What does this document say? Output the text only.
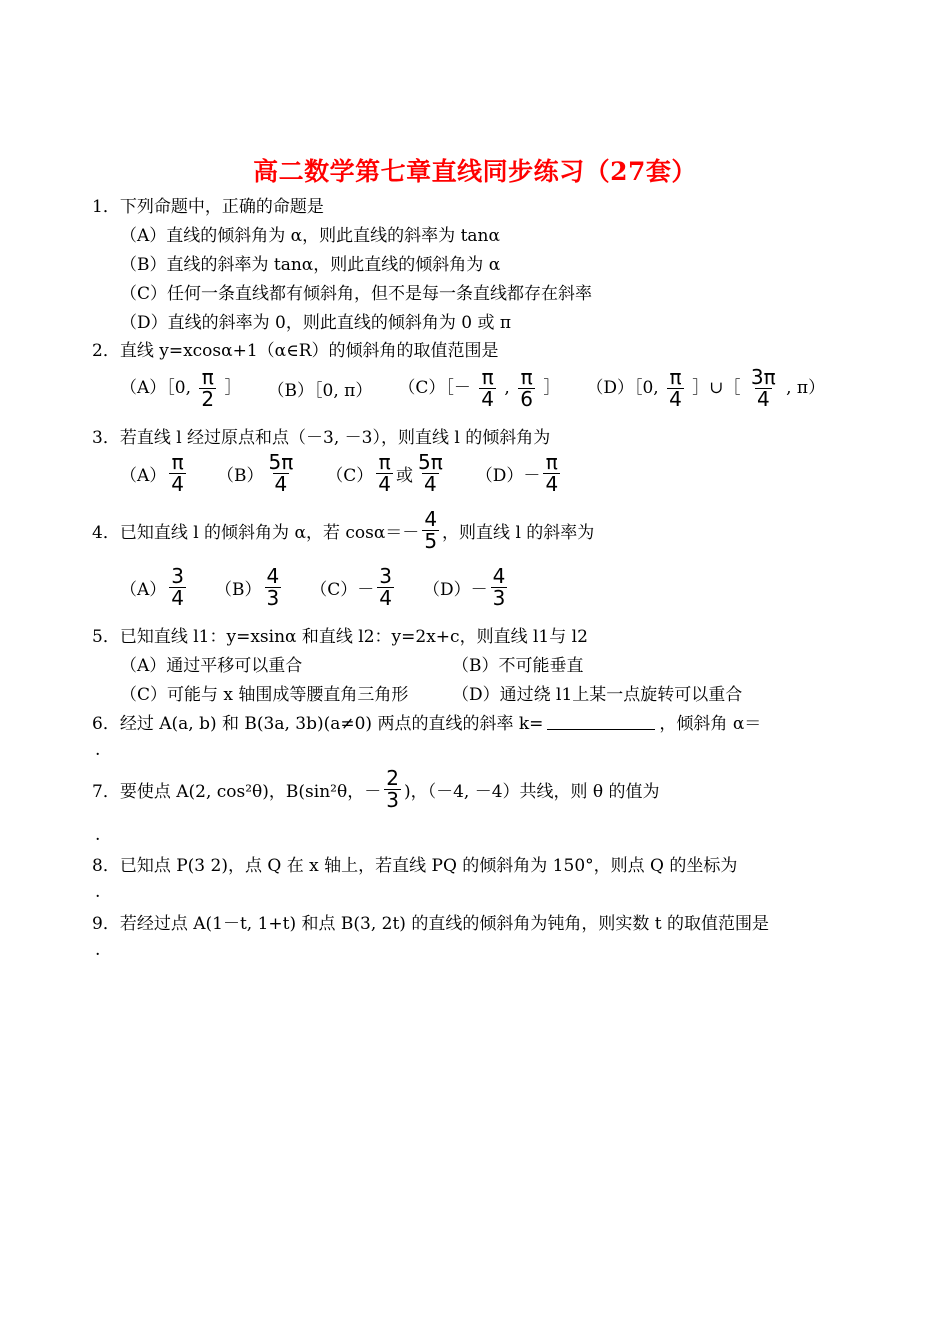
高二数学第七章直线同步练习（27套）
1．下列命题中，正确的命题是
（A）直线的倾斜角为 α，则此直线的斜率为 tanα
（B）直线的斜率为 tanα，则此直线的倾斜角为 α
（C）任何一条直线都有倾斜角，但不是每一条直线都存在斜率
（D）直线的斜率为 0，则此直线的倾斜角为 0 或 π
2．直线 y=xcosα+1（α∈R）的倾斜角的取值范围是
（A）［0, $\frac{\pi}{2}$ ］ （B）［0, π） （C）［－ $\frac{\pi}{4}$ , $\frac{\pi}{6}$ ］ （D）［0, $\frac{\pi}{4}$ ］∪［ $\frac{3\pi}{4}$ , π）
3．若直线 l 经过原点和点（－3, －3），则直线 l 的倾斜角为
$(A) \frac{\pi}{4} (B) \frac{5\pi}{4} (C) \frac{\pi}{4}$ 或 $\frac{5\pi}{4} (D)- \frac{\pi}{4}$
4．已知直线 l 的倾斜角为 α，若 $\cos\alpha=- \frac{4}{5}$ ，则直线 l 的斜率为
$(A) \frac{3}{4} (B) \frac{4}{3} (C)- \frac{3}{4} (D)- \frac{4}{3}$
5．已知直线 l1：y=xsinα 和直线 l2：y=2x+c，则直线 l1与 l2
（A）通过平移可以重合	（B）不可能垂直
（C）可能与 x 轴围成等腰直角三角形	（D）通过绕 l1上某一点旋转可以重合
6．经过 A(a, b) 和 B(3a, 3b)(a≠0) 两点的直线的斜率 k=	，倾斜角 α＝
.
7．要使点 A(2, cos²θ)，B(sin²θ，－ $\frac{2}{3}$ )，（－4, －4）共线，则 θ 的值为
.
8．已知点 P(3 2)，点 Q 在 x 轴上，若直线 PQ 的倾斜角为 150°，则点 Q 的坐标为
.
9．若经过点 A(1－t, 1+t) 和点 B(3, 2t) 的直线的倾斜角为钝角，则实数 t 的取值范围是
.
